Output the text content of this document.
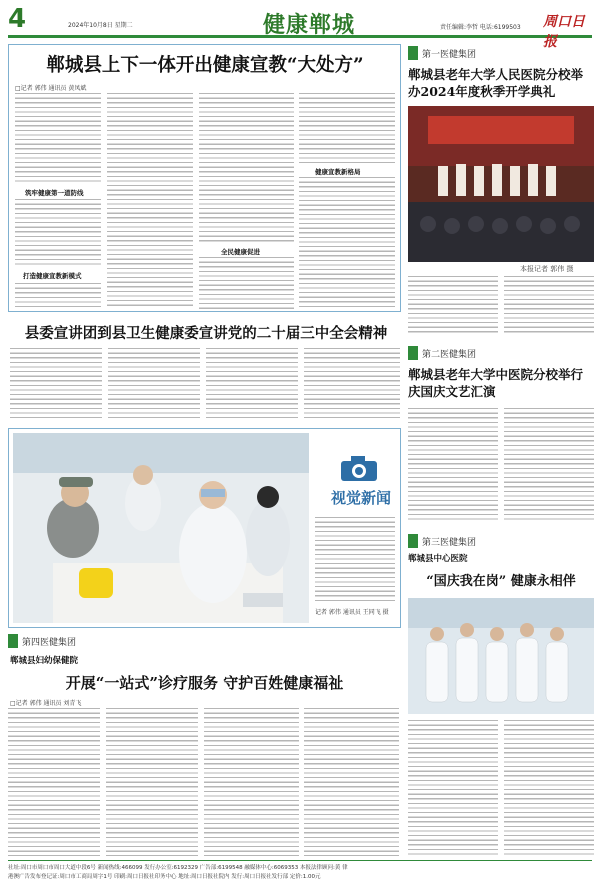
4	2024年10月8日 星期二	健康郸城	责任编辑:李哲 电话:6199503 周口日报
郸城县上下一体开出健康宣教“大处方”
□记者 郭伟 通讯员 黄凤斌
筑牢健康第一道防线
打造健康宣教新模式
全民健康促进
健康宣教新格局
县委宣讲团到县卫生健康委宣讲党的二十届三中全会精神
视觉新闻
记者 郭伟 通讯员 王同飞 摄
第一医健集团
郸城县老年大学人民医院分校举办2024年度秋季开学典礼
本报记者 郭伟 摄
第二医健集团
郸城县老年大学中医院分校举行庆国庆文艺汇演
第三医健集团
郸城县中心医院
“国庆我在岗” 健康永相伴
第四医健集团
郸城县妇幼保健院
开展“一站式”诊疗服务 守护百姓健康福祉
□记者 郭伟 通讯员 刘青飞
社址:周口市周口市周口大道中段6号 新闻热线:466099 发行办公室:6192329 广告部:6199548 融媒体中心:6069353 本报法律顾问:黄 律
港澳广告发布登记证:周口市工商局周字1号 印刷:周口日报社印务中心 地址:周口日报社院内 发行:周口日报社发行部 定价:1.00元
